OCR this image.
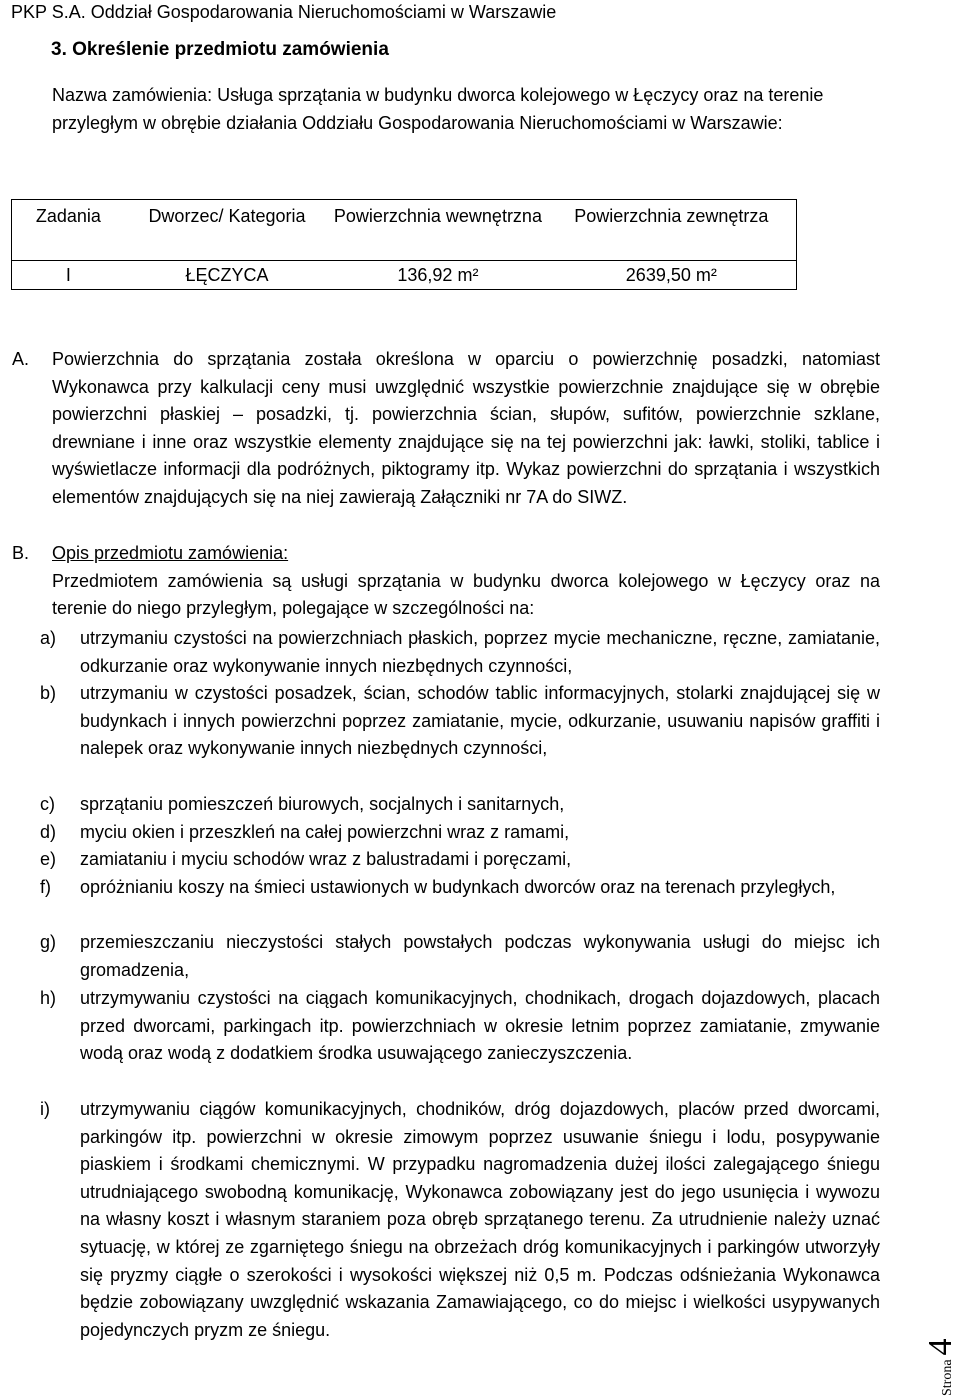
PKP S.A. Oddział Gospodarowania Nieruchomościami w Warszawie
3. Określenie przedmiotu zamówienia
Nazwa zamówienia: Usługa sprzątania w budynku dworca kolejowego w Łęczycy oraz na terenie przyległym w obrębie działania Oddziału Gospodarowania Nieruchomościami w Warszawie:
Zadania	Dworzec/ Kategoria	Powierzchnia wewnętrzna	Powierzchnia zewnętrza
I	ŁĘCZYCA	136,92 m²	2639,50 m²
A. Powierzchnia do sprzątania została określona w oparciu o powierzchnię posadzki, natomiast Wykonawca przy kalkulacji ceny musi uwzględnić wszystkie powierzchnie znajdujące się w obrębie powierzchni płaskiej – posadzki, tj. powierzchnia ścian, słupów, sufitów, powierzchnie szklane, drewniane i inne oraz wszystkie elementy znajdujące się na tej powierzchni jak: ławki, stoliki, tablice i wyświetlacze informacji dla podróżnych, piktogramy itp. Wykaz powierzchni do sprzątania i wszystkich elementów znajdujących się na niej zawierają Załączniki nr 7A do SIWZ.
B. Opis przedmiotu zamówienia:
Przedmiotem zamówienia są usługi sprzątania w budynku dworca kolejowego w Łęczycy oraz na terenie do niego przyległym, polegające w szczególności na:
a) utrzymaniu czystości na powierzchniach płaskich, poprzez mycie mechaniczne, ręczne, zamiatanie, odkurzanie oraz wykonywanie innych niezbędnych czynności,
b) utrzymaniu w czystości posadzek, ścian, schodów tablic informacyjnych, stolarki znajdującej się w budynkach i innych powierzchni poprzez zamiatanie, mycie, odkurzanie, usuwaniu napisów graffiti i nalepek oraz wykonywanie innych niezbędnych czynności,
c) sprzątaniu pomieszczeń biurowych, socjalnych i sanitarnych,
d) myciu okien i przeszkleń na całej powierzchni wraz z ramami,
e) zamiataniu i myciu schodów wraz z balustradami i poręczami,
f) opróżnianiu koszy na śmieci ustawionych w budynkach dworców oraz na terenach przyległych,
g) przemieszczaniu nieczystości stałych powstałych podczas wykonywania usługi do miejsc ich gromadzenia,
h) utrzymywaniu czystości na ciągach komunikacyjnych, chodnikach, drogach dojazdowych, placach przed dworcami, parkingach itp. powierzchniach w okresie letnim poprzez zamiatanie, zmywanie wodą oraz wodą z dodatkiem środka usuwającego zanieczyszczenia.
i) utrzymywaniu ciągów komunikacyjnych, chodników, dróg dojazdowych, placów przed dworcami, parkingów itp. powierzchni w okresie zimowym poprzez usuwanie śniegu i lodu, posypywanie piaskiem i środkami chemicznymi. W przypadku nagromadzenia dużej ilości zalegającego śniegu utrudniającego swobodną komunikację, Wykonawca zobowiązany jest do jego usunięcia i wywozu na własny koszt i własnym staraniem poza obręb sprzątanego terenu. Za utrudnienie należy uznać sytuację, w której ze zgarniętego śniegu na obrzeżach dróg komunikacyjnych i parkingów utworzyły się pryzmy ciągłe o szerokości i wysokości większej niż 0,5 m. Podczas odśnieżania Wykonawca będzie zobowiązany uwzględnić wskazania Zamawiającego, co do miejsc i wielkości usypywanych pojedynczych pryzm ze śniegu.
Strona
4
